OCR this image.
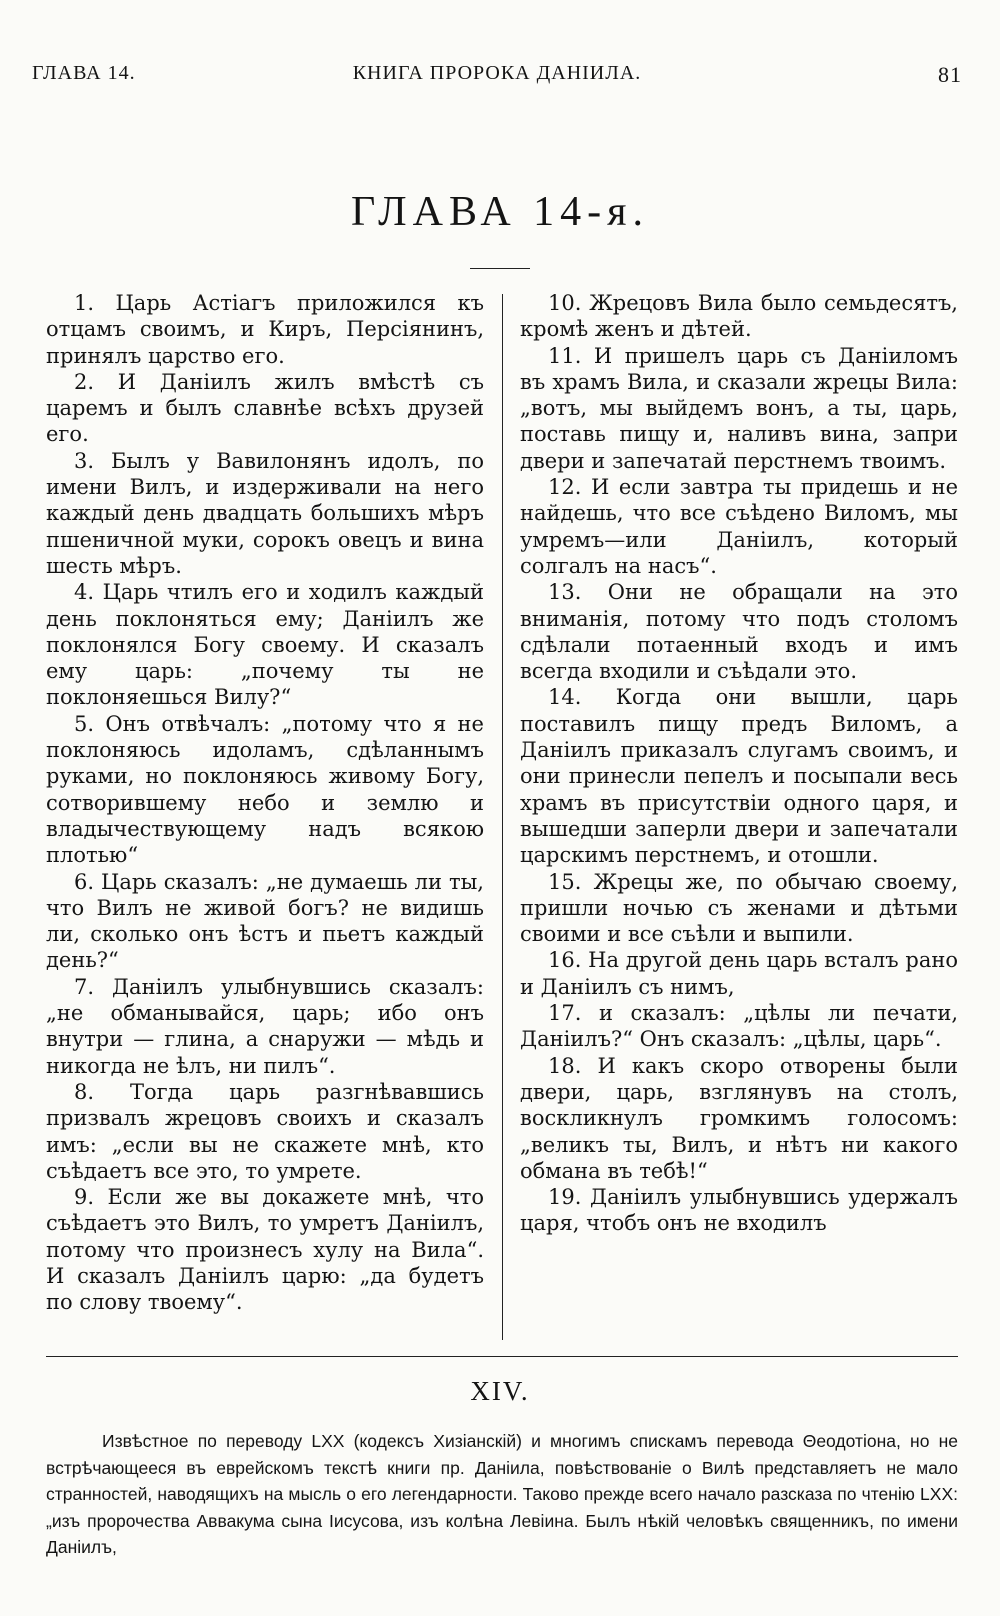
ГЛАВА 14.	КНИГА ПРОРОКА ДАНIИЛА.	81
ГЛАВА 14-я.

1. Царь Астiагъ приложился къ отцамъ своимъ, и Киръ, Персiянинъ, принялъ царство его.

2. И Данiилъ жилъ вмѣстѣ съ царемъ и былъ славнѣе всѣхъ друзей его.

3. Былъ у Вавилонянъ идолъ, по имени Вилъ, и издерживали на него каждый день двадцать большихъ мѣръ пшеничной муки, сорокъ овецъ и вина шесть мѣръ.

4. Царь чтилъ его и ходилъ каждый день поклоняться ему; Данiилъ же поклонялся Богу своему. И сказалъ ему царь: „почему ты не поклоняешься Вилу?“

5. Онъ отвѣчалъ: „потому что я не поклоняюсь идоламъ, сдѣланнымъ руками, но поклоняюсь живому Богу, сотворившему небо и землю и владычествующему надъ всякою плотью“

6. Царь сказалъ: „не думаешь ли ты, что Вилъ не живой богъ? не видишь ли, сколько онъ ѣстъ и пьетъ каждый день?“

7. Данiилъ улыбнувшись сказалъ: „не обманывайся, царь; ибо онъ внутри — глина, а снаружи — мѣдь и никогда не ѣлъ, ни пилъ“.

8. Тогда царь разгнѣвавшись призвалъ жрецовъ своихъ и сказалъ имъ: „если вы не скажете мнѣ, кто съѣдаетъ все это, то умрете.

9. Если же вы докажете мнѣ, что съѣдаетъ это Вилъ, то умретъ Данiилъ, потому что произнесъ хулу на Вила“. И сказалъ Данiилъ царю: „да будетъ по слову твоему“.

10. Жрецовъ Вила было семьдесятъ, кромѣ женъ и дѣтей.

11. И пришелъ царь съ Данiиломъ въ храмъ Вила, и сказали жрецы Вила: „вотъ, мы выйдемъ вонъ, а ты, царь, поставь пищу и, наливъ вина, запри двери и запечатай перстнемъ твоимъ.

12. И если завтра ты придешь и не найдешь, что все съѣдено Виломъ, мы умремъ—или Данiилъ, который солгалъ на насъ“.

13. Они не обращали на это вниманiя, потому что подъ столомъ сдѣлали потаенный входъ и имъ всегда входили и съѣдали это.

14. Когда они вышли, царь поставилъ пищу предъ Виломъ, а Данiилъ приказалъ слугамъ своимъ, и они принесли пепелъ и посыпали весь храмъ въ присутствiи одного царя, и вышедши заперли двери и запечатали царскимъ перстнемъ, и отошли.

15. Жрецы же, по обычаю своему, пришли ночью съ женами и дѣтьми своими и все съѣли и выпили.

16. На другой день царь всталъ рано и Данiилъ съ нимъ,

17. и сказалъ: „цѣлы ли печати, Данiилъ?“ Онъ сказалъ: „цѣлы, царь“.

18. И какъ скоро отворены были двери, царь, взглянувъ на столъ, воскликнулъ громкимъ голосомъ: „великъ ты, Вилъ, и нѣтъ ни какого обмана въ тебѣ!“

19. Данiилъ улыбнувшись удержалъ царя, чтобъ онъ не входилъ

XIV.

Извѣстное по переводу LXX (кодексъ Хизiанскiй) и многимъ спискамъ перевода Θеодотiона, но не встрѣчающееся въ еврейскомъ текстѣ книги пр. Данiила, повѣствованiе о Вилѣ представляетъ не мало странностей, наводящихъ на мысль о его легендарности. Таково прежде всего начало разсказа по чтенiю LXX: „изъ пророчества Аввакума сына Iисусова, изъ колѣна Левiина. Былъ нѣкiй человѣкъ священникъ, по имени Данiилъ,
